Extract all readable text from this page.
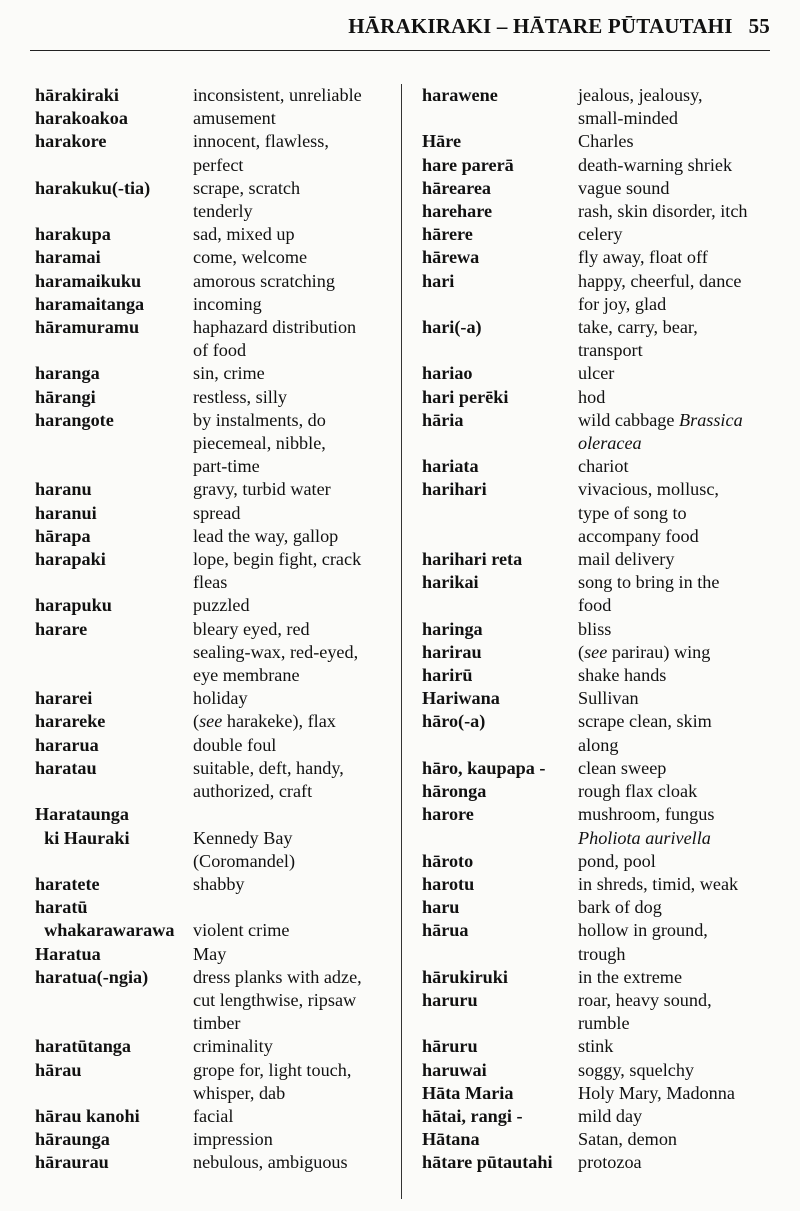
HĀRAKIRAKI – HĀTARE PŪTAUTAHI 55
hārakiraki	inconsistent, unreliable
harakoakoa	amusement
harakore	innocent, flawless,
perfect
harakuku(-tia)	scrape, scratch
tenderly
harakupa	sad, mixed up
haramai	come, welcome
haramaikuku	amorous scratching
haramaitanga	incoming
hāramuramu	haphazard distribution
of food
haranga	sin, crime
hārangi	restless, silly
harangote	by instalments, do
piecemeal, nibble,
part-time
haranu	gravy, turbid water
haranui	spread
hārapa	lead the way, gallop
harapaki	lope, begin fight, crack
fleas
harapuku	puzzled
harare	bleary eyed, red
sealing-wax, red-eyed,
eye membrane
hararei	holiday
harareke	(see harakeke), flax
hararua	double foul
haratau	suitable, deft, handy,
authorized, craft
Harataunga
ki Hauraki	Kennedy Bay
(Coromandel)
haratete	shabby
haratū
whakarawarawa	violent crime
Haratua	May
haratua(-ngia)	dress planks with adze,
cut lengthwise, ripsaw
timber
haratūtanga	criminality
hārau	grope for, light touch,
whisper, dab
hārau kanohi	facial
hāraunga	impression
hāraurau	nebulous, ambiguous
harawene	jealous, jealousy,
small-minded
Hāre	Charles
hare parerā	death-warning shriek
hārearea	vague sound
harehare	rash, skin disorder, itch
hārere	celery
hārewa	fly away, float off
hari	happy, cheerful, dance
for joy, glad
hari(-a)	take, carry, bear,
transport
hariao	ulcer
hari perēki	hod
hāria	wild cabbage Brassica
oleracea
hariata	chariot
harihari	vivacious, mollusc,
type of song to
accompany food
harihari reta	mail delivery
harikai	song to bring in the
food
haringa	bliss
harirau	(see parirau) wing
harirū	shake hands
Hariwana	Sullivan
hāro(-a)	scrape clean, skim
along
hāro, kaupapa -	clean sweep
hāronga	rough flax cloak
harore	mushroom, fungus
Pholiota aurivella
hāroto	pond, pool
harotu	in shreds, timid, weak
haru	bark of dog
hārua	hollow in ground,
trough
hārukiruki	in the extreme
haruru	roar, heavy sound,
rumble
hāruru	stink
haruwai	soggy, squelchy
Hāta Maria	Holy Mary, Madonna
hātai, rangi -	mild day
Hātana	Satan, demon
hātare pūtautahi	protozoa
